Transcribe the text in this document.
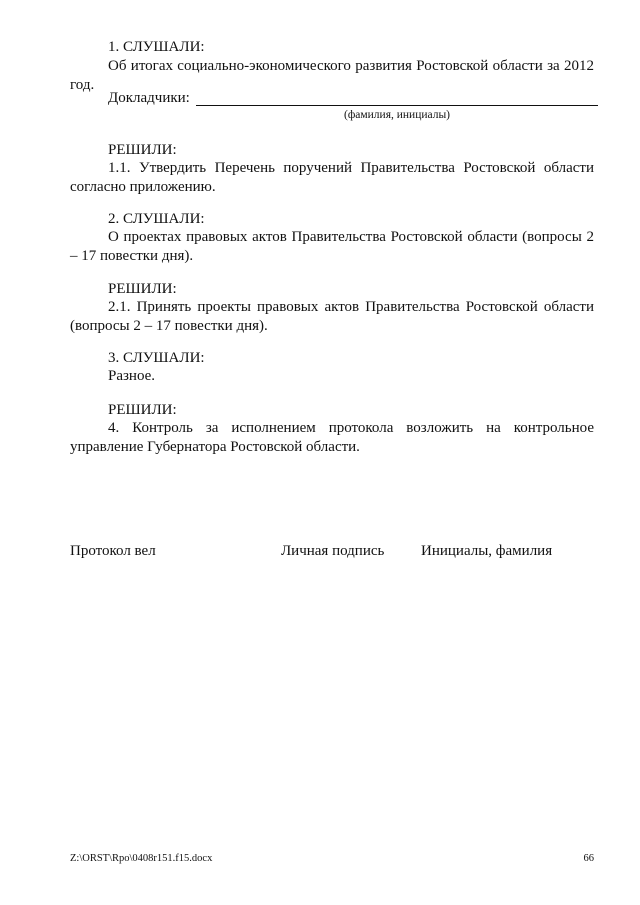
1. СЛУШАЛИ:
Об итогах социально-экономического развития Ростовской области за 2012 год.
Докладчики:
(фамилия, инициалы)
РЕШИЛИ:
1.1. Утвердить Перечень поручений Правительства Ростовской области согласно приложению.
2. СЛУШАЛИ:
О проектах правовых актов Правительства Ростовской области (вопросы 2 – 17 повестки дня).
РЕШИЛИ:
2.1. Принять проекты правовых актов Правительства Ростовской области (вопросы 2 – 17 повестки дня).
3. СЛУШАЛИ:
Разное.
РЕШИЛИ:
4. Контроль за исполнением протокола возложить на контрольное управление Губернатора Ростовской области.
Протокол вел	Личная подпись Инициалы, фамилия
Z:\ORST\Rpo\0408r151.f15.docx	66
